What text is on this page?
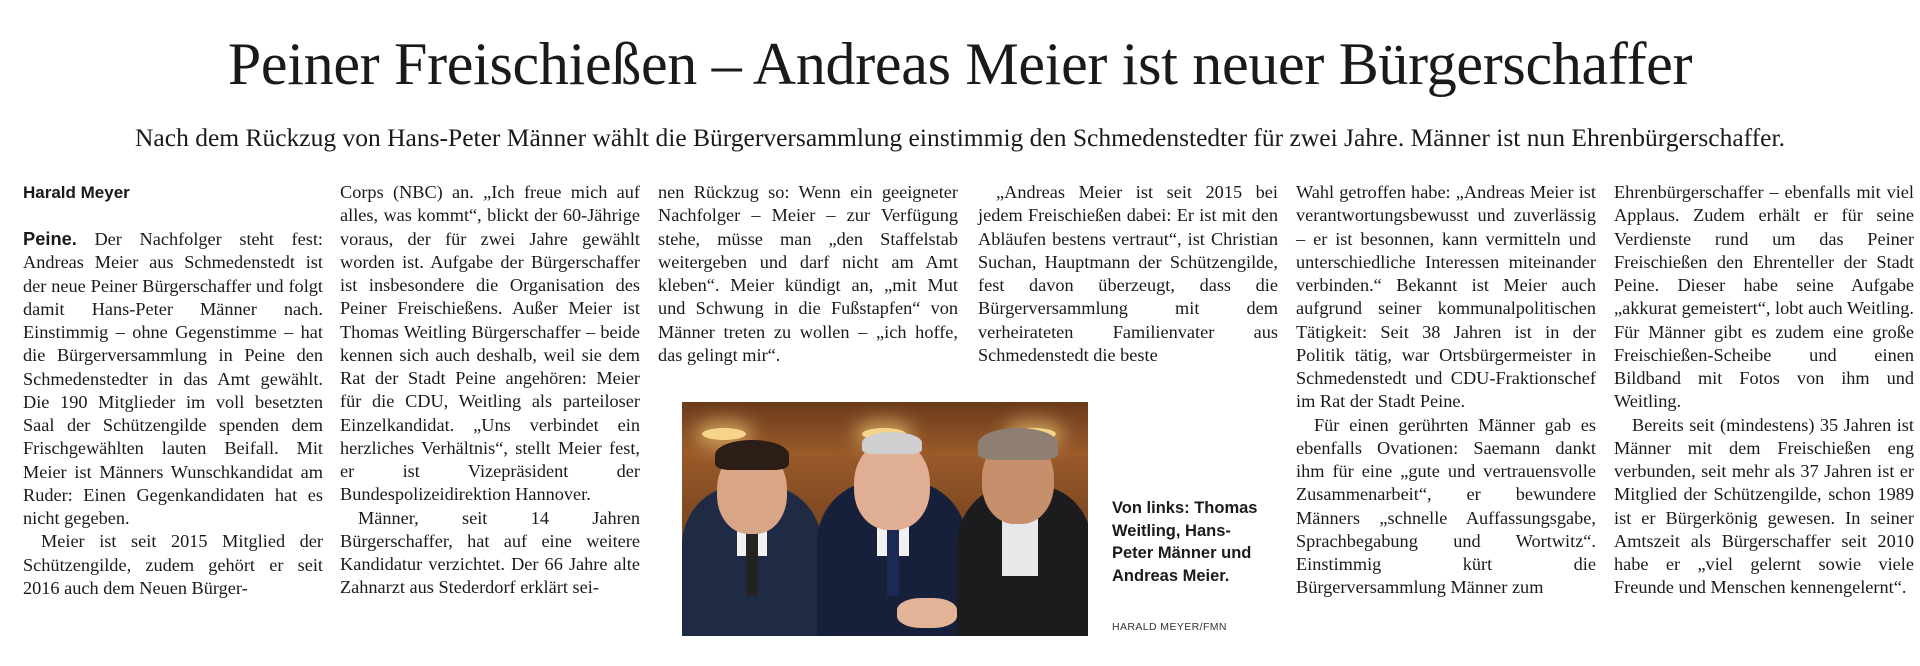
Peiner Freischießen – Andreas Meier ist neuer Bürgerschaffer

Nach dem Rückzug von Hans-Peter Männer wählt die Bürgerversammlung einstimmig den Schmedenstedter für zwei Jahre. Männer ist nun Ehrenbürgerschaffer.

Harald Meyer

Peine. Der Nachfolger steht fest: Andreas Meier aus Schmedenstedt ist der neue Peiner Bürgerschaffer und folgt damit Hans-Peter Männer nach. Einstimmig – ohne Gegenstimme – hat die Bürgerversammlung in Peine den Schmedenstedter in das Amt gewählt. Die 190 Mitglieder im voll besetzten Saal der Schützengilde spenden dem Frischgewählten lauten Beifall. Mit Meier ist Männers Wunschkandidat am Ruder: Einen Gegenkandidaten hat es nicht gegeben.

Meier ist seit 2015 Mitglied der Schützengilde, zudem gehört er seit 2016 auch dem Neuen Bürger-

Corps (NBC) an. „Ich freue mich auf alles, was kommt“, blickt der 60-Jährige voraus, der für zwei Jahre gewählt worden ist. Aufgabe der Bürgerschaffer ist insbesondere die Organisation des Peiner Freischießens. Außer Meier ist Thomas Weitling Bürgerschaffer – beide kennen sich auch deshalb, weil sie dem Rat der Stadt Peine angehören: Meier für die CDU, Weitling als parteiloser Einzelkandidat. „Uns verbindet ein herzliches Verhältnis“, stellt Meier fest, er ist Vizepräsident der Bundespolizeidirektion Hannover.

Männer, seit 14 Jahren Bürgerschaffer, hat auf eine weitere Kandidatur verzichtet. Der 66 Jahre alte Zahnarzt aus Stederdorf erklärt sei-

nen Rückzug so: Wenn ein geeigneter Nachfolger – Meier – zur Verfügung stehe, müsse man „den Staffelstab weitergeben und darf nicht am Amt kleben“. Meier kündigt an, „mit Mut und Schwung in die Fußstapfen“ von Männer treten zu wollen – „ich hoffe, das gelingt mir“.

„Andreas Meier ist seit 2015 bei jedem Freischießen dabei: Er ist mit den Abläufen bestens vertraut“, ist Christian Suchan, Hauptmann der Schützengilde, fest davon überzeugt, dass die Bürgerversammlung mit dem verheirateten Familienvater aus Schmedenstedt die beste

Wahl getroffen habe: „Andreas Meier ist verantwortungsbewusst und zuverlässig – er ist besonnen, kann vermitteln und unterschiedliche Interessen miteinander verbinden.“ Bekannt ist Meier auch aufgrund seiner kommunalpolitischen Tätigkeit: Seit 38 Jahren ist in der Politik tätig, war Ortsbürgermeister in Schmedenstedt und CDU-Fraktionschef im Rat der Stadt Peine.

Für einen gerührten Männer gab es ebenfalls Ovationen: Saemann dankt ihm für eine „gute und vertrauensvolle Zusammenarbeit“, er bewundere Männers „schnelle Auffassungsgabe, Sprachbegabung und Wortwitz“. Einstimmig kürt die Bürgerversammlung Männer zum

Ehrenbürgerschaffer – ebenfalls mit viel Applaus. Zudem erhält er für seine Verdienste rund um das Peiner Freischießen den Ehrenteller der Stadt Peine. Dieser habe seine Aufgabe „akkurat gemeistert“, lobt auch Weitling. Für Männer gibt es zudem eine große Freischießen-Scheibe und einen Bildband mit Fotos von ihm und Weitling.

Bereits seit (mindestens) 35 Jahren ist Männer mit dem Freischießen eng verbunden, seit mehr als 37 Jahren ist er Mitglied der Schützengilde, schon 1989 ist er Bürgerkönig gewesen. In seiner Amtszeit als Bürgerschaffer seit 2010 habe er „viel gelernt sowie viele Freunde und Menschen kennengelernt“.

Von links: Thomas Weitling, Hans-Peter Männer und Andreas Meier.
HARALD MEYER/FMN
